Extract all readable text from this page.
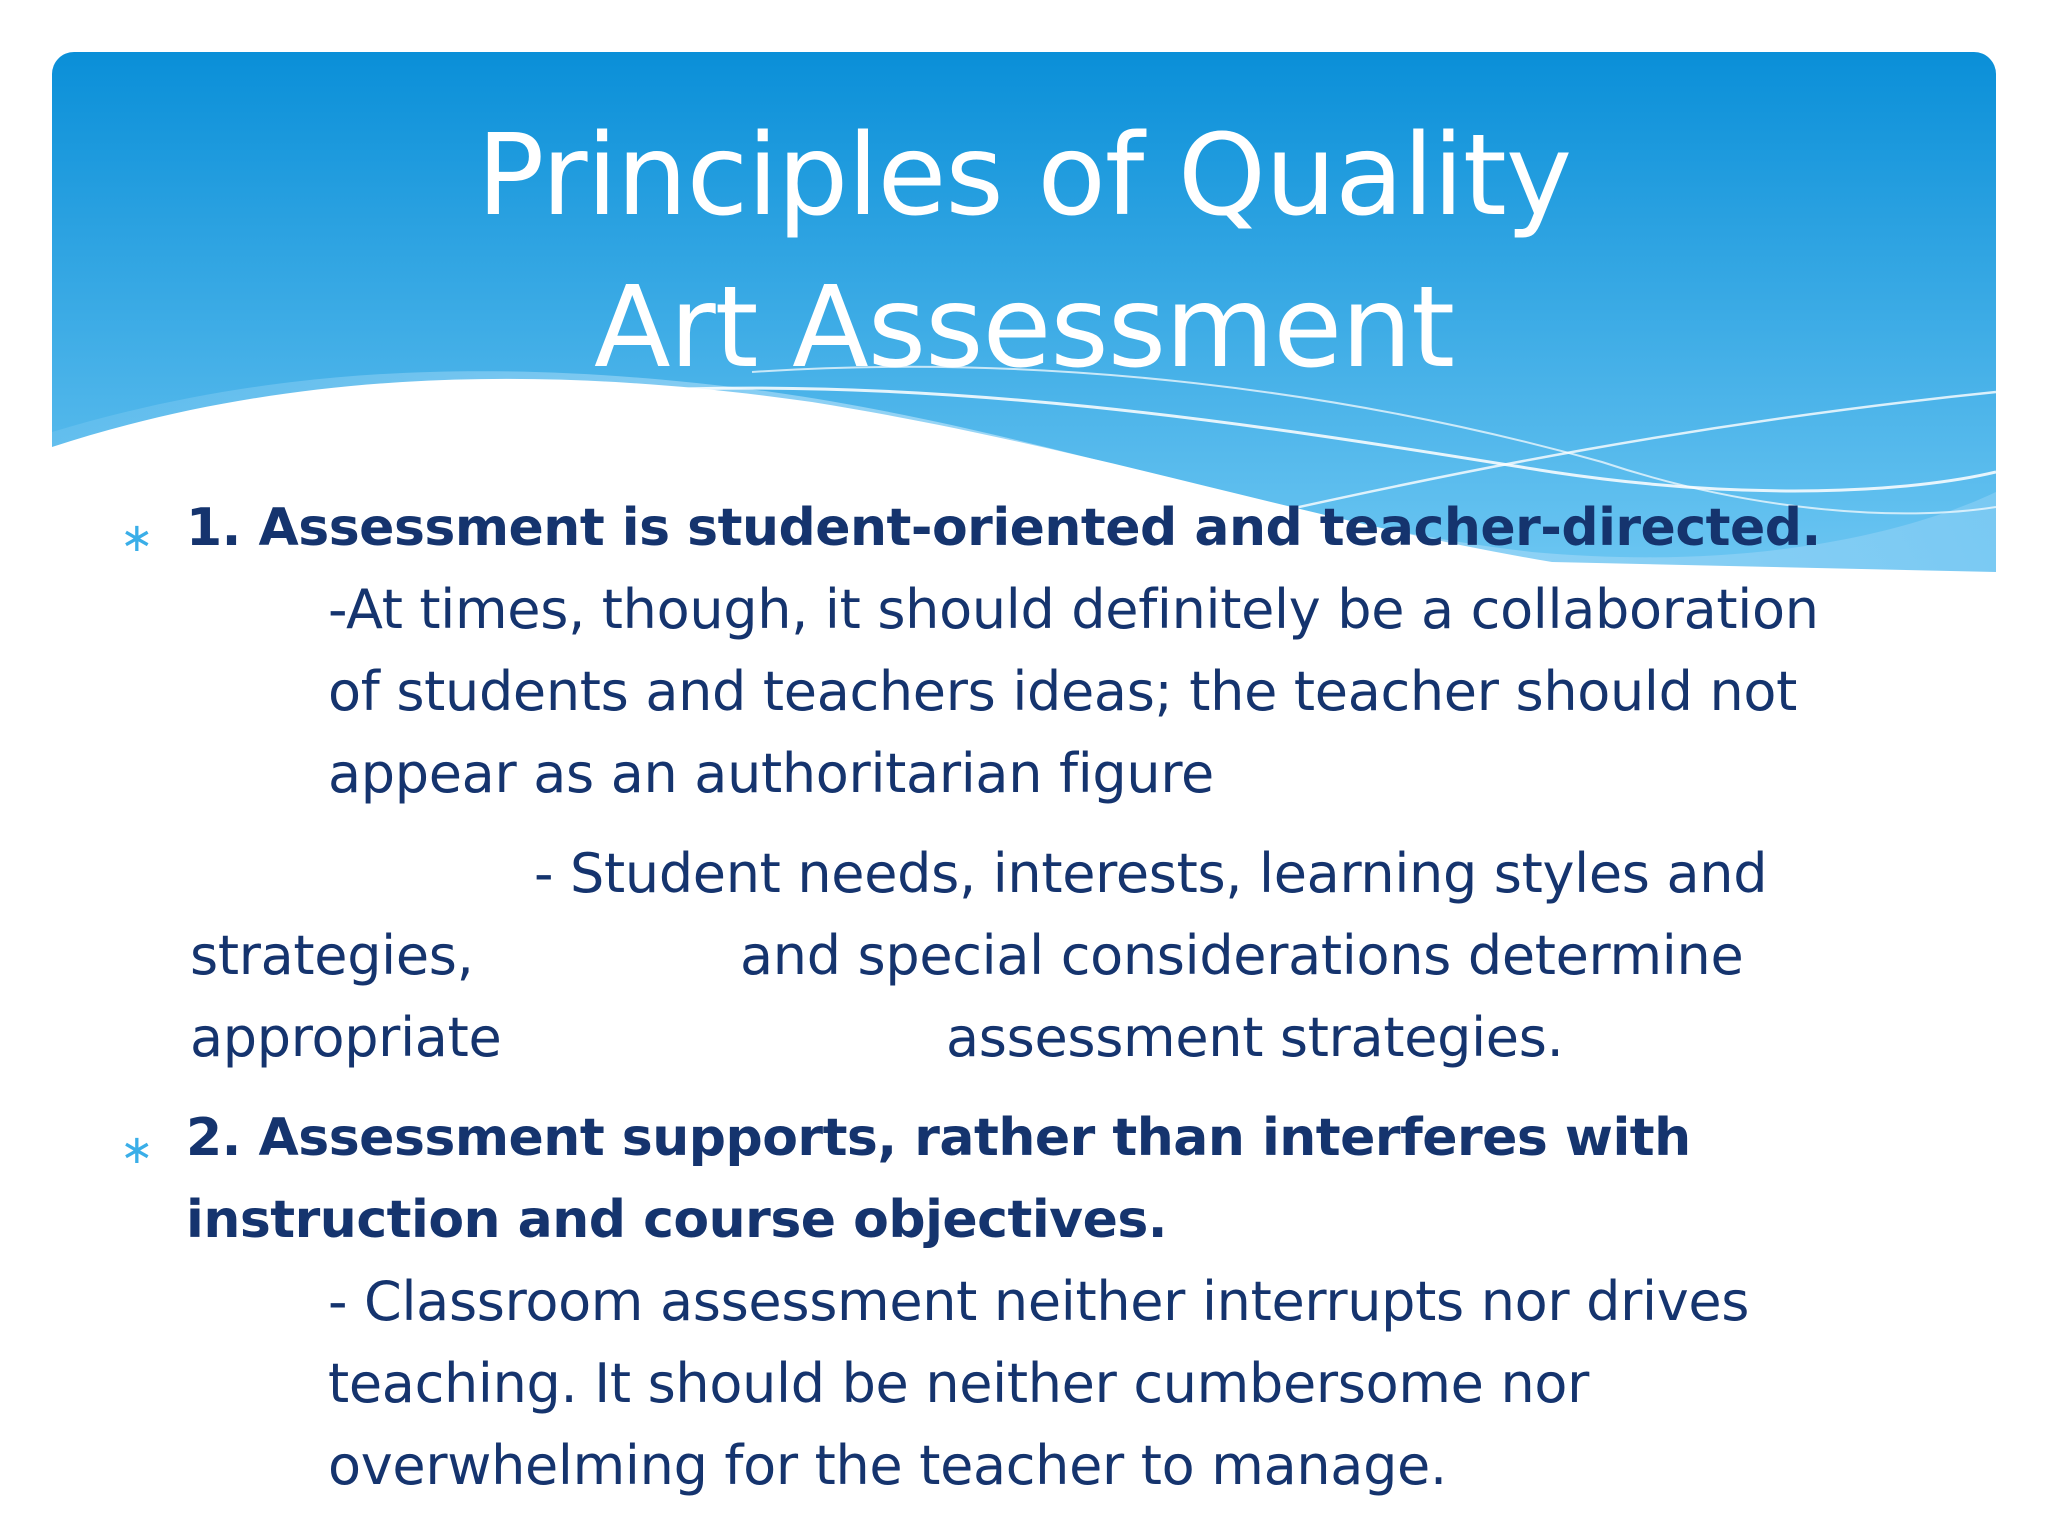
Principles of Quality
Art Assessment
∗ 1. Assessment is student-oriented and teacher-directed.
-At times, though, it should definitely be a collaboration
of students and teachers ideas; the teacher should not
appear as an authoritarian figure
- Student needs, interests, learning styles and
strategies,	and special considerations determine
appropriate	assessment strategies.
∗ 2. Assessment supports, rather than interferes with
instruction and course objectives.
- Classroom assessment neither interrupts nor drives
teaching. It should be neither cumbersome nor
overwhelming for the teacher to manage.
